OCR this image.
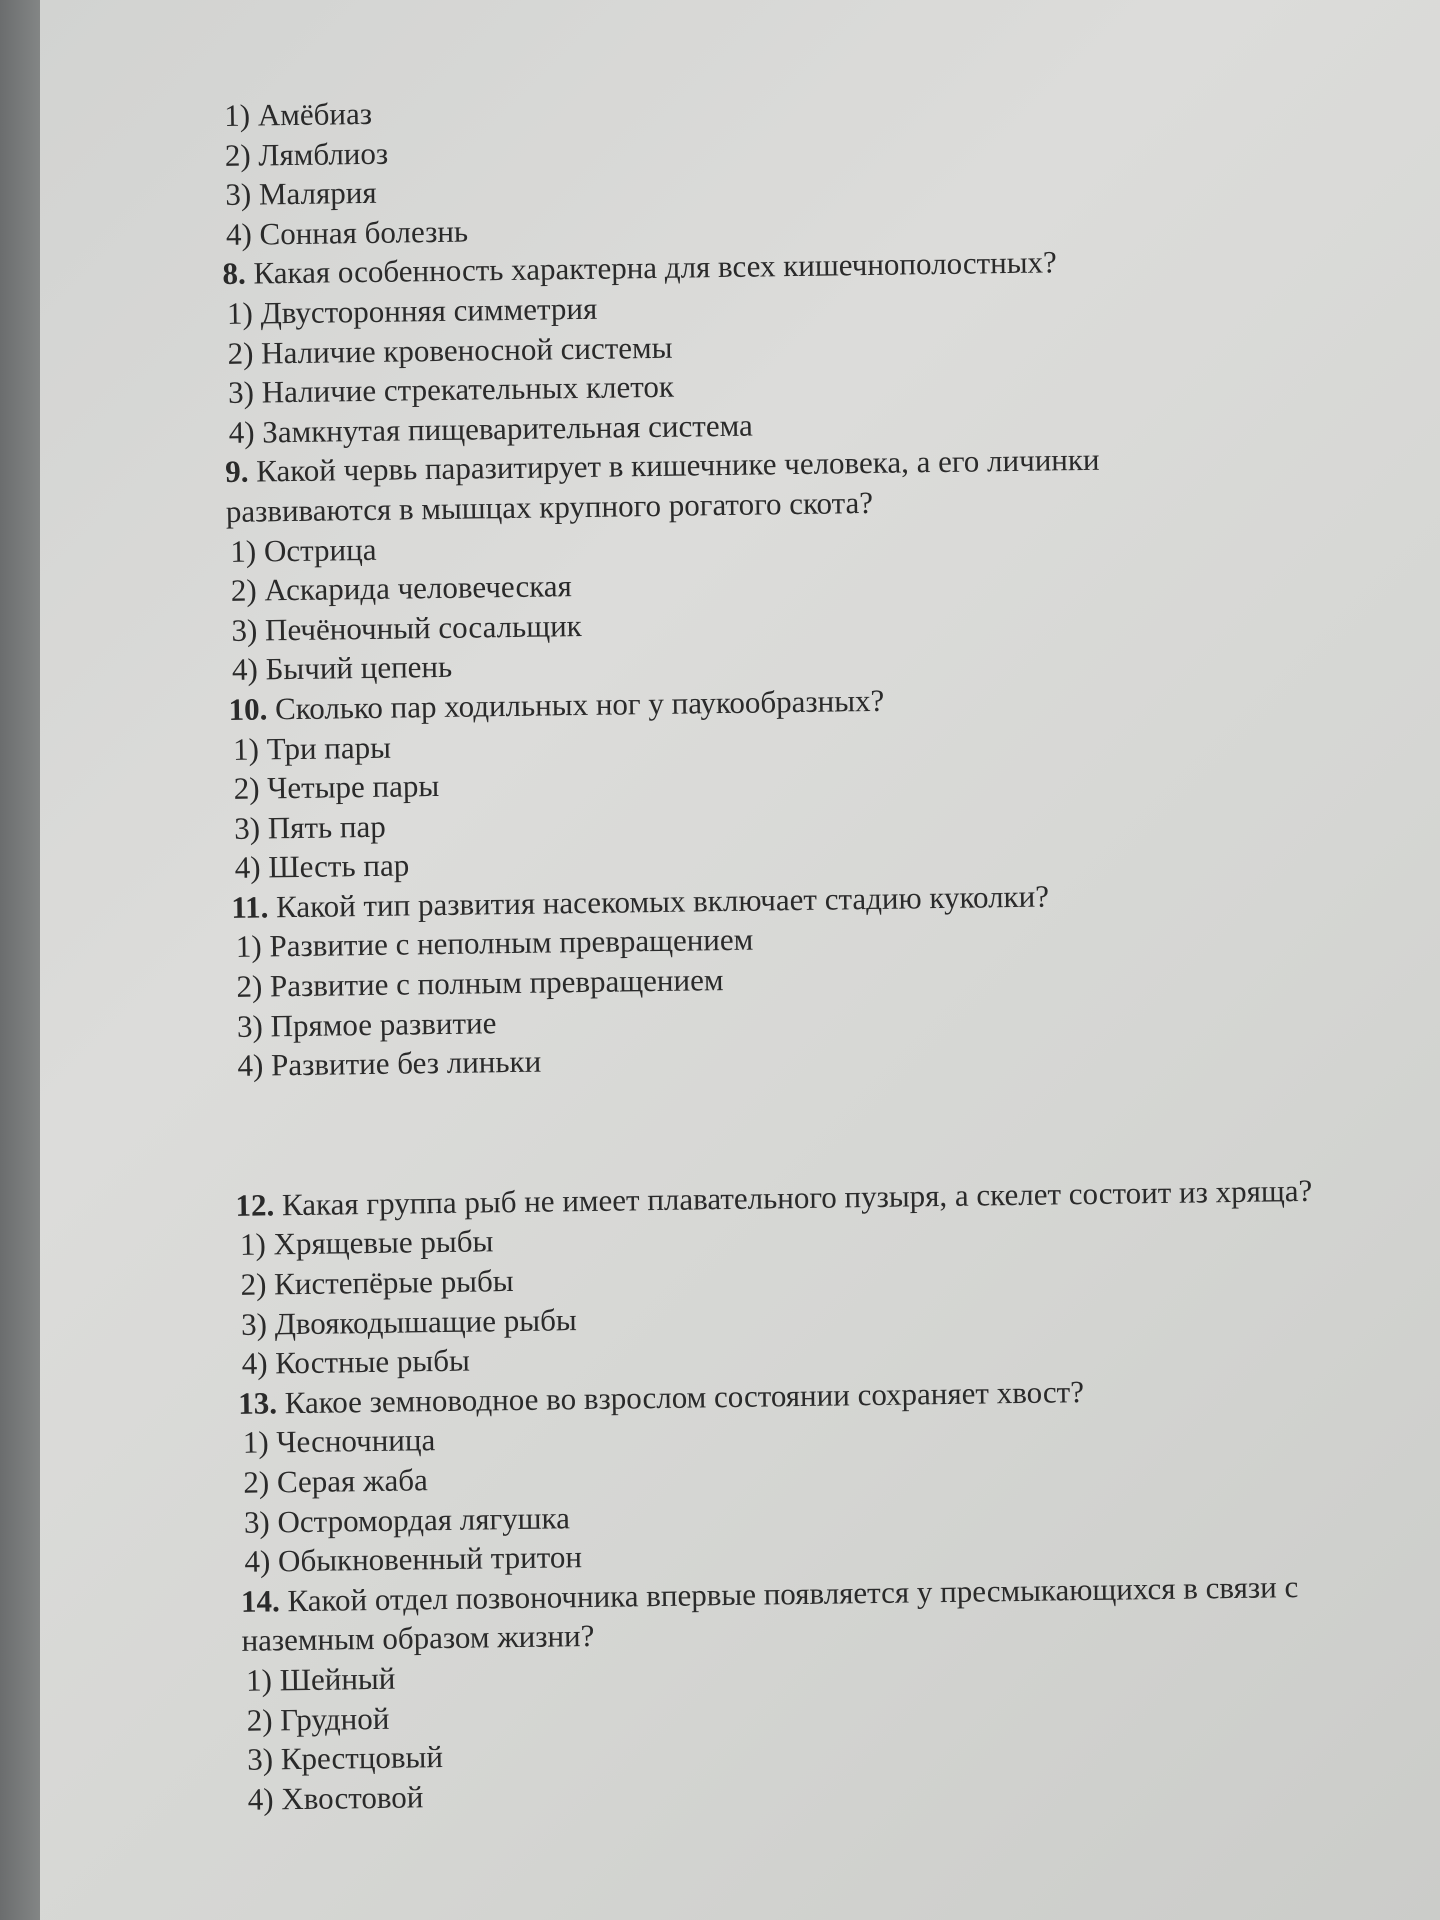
1) Амёбиаз

2) Лямблиоз

3) Малярия

4) Сонная болезнь

8. Какая особенность характерна для всех кишечнополостных?

1) Двусторонняя симметрия

2) Наличие кровеносной системы

3) Наличие стрекательных клеток

4) Замкнутая пищеварительная система

9. Какой червь паразитирует в кишечнике человека, а его личинки развиваются в мышцах крупного рогатого скота?

1) Острица

2) Аскарида человеческая

3) Печёночный сосальщик

4) Бычий цепень

10. Сколько пар ходильных ног у паукообразных?

1) Три пары

2) Четыре пары

3) Пять пар

4) Шесть пар

11. Какой тип развития насекомых включает стадию куколки?

1) Развитие с неполным превращением

2) Развитие с полным превращением

3) Прямое развитие

4) Развитие без линьки

12. Какая группа рыб не имеет плавательного пузыря, а скелет состоит из хряща?

1) Хрящевые рыбы

2) Кистепёрые рыбы

3) Двоякодышащие рыбы

4) Костные рыбы

13. Какое земноводное во взрослом состоянии сохраняет хвост?

1) Чесночница

2) Серая жаба

3) Остромордая лягушка

4) Обыкновенный тритон

14. Какой отдел позвоночника впервые появляется у пресмыкающихся в связи с наземным образом жизни?

1) Шейный

2) Грудной

3) Крестцовый

4) Хвостовой
